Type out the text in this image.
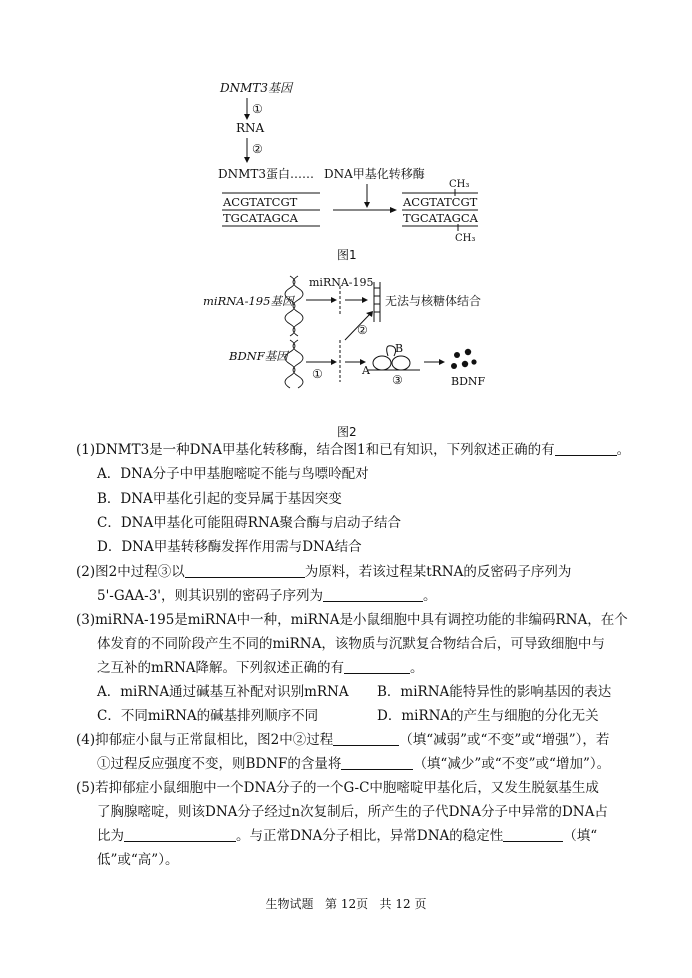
DNMT3基因
①
RNA
②
DNMT3蛋白 …… DNA甲基化转移酶
ACGTATCGT
TGCATAGCA
CH₃
ACGTATCGT
TGCATAGCA
CH₃
图1
miRNA-195基因
miRNA-195
无法与核糖体结合
②
BDNF基因
①
B
A
③	BDNF
图2
(1)DNMT3是一种DNA甲基化转移酶，结合图1和已有知识，下列叙述正确的有	。
A．DNA分子中甲基胞嘧啶不能与鸟嘌呤配对
B．DNA甲基化引起的变异属于基因突变
C．DNA甲基化可能阻碍RNA聚合酶与启动子结合
D．DNA甲基转移酶发挥作用需与DNA结合
(2)图2中过程③以	为原料，若该过程某tRNA的反密码子序列为
5'-GAA-3'，则其识别的密码子序列为	。
(3)miRNA-195是miRNA中一种，miRNA是小鼠细胞中具有调控功能的非编码RNA，在个
体发育的不同阶段产生不同的miRNA，该物质与沉默复合物结合后，可导致细胞中与
之互补的mRNA降解。下列叙述正确的有	。
A．miRNA通过碱基互补配对识别mRNA B．miRNA能特异性的影响基因的表达
C．不同miRNA的碱基排列顺序不同	D．miRNA的产生与细胞的分化无关
(4)抑郁症小鼠与正常鼠相比，图2中②过程	（填“减弱”或“不变”或“增强”），若
①过程反应强度不变，则BDNF的含量将	（填“减少”或“不变”或“增加”）。
(5)若抑郁症小鼠细胞中一个DNA分子的一个G-C中胞嘧啶甲基化后，又发生脱氨基生成
了胸腺嘧啶，则该DNA分子经过n次复制后，所产生的子代DNA分子中异常的DNA占
比为	。与正常DNA分子相比，异常DNA的稳定性	（填“
低”或“高”）。
生物试题 第 12页 共 12 页
